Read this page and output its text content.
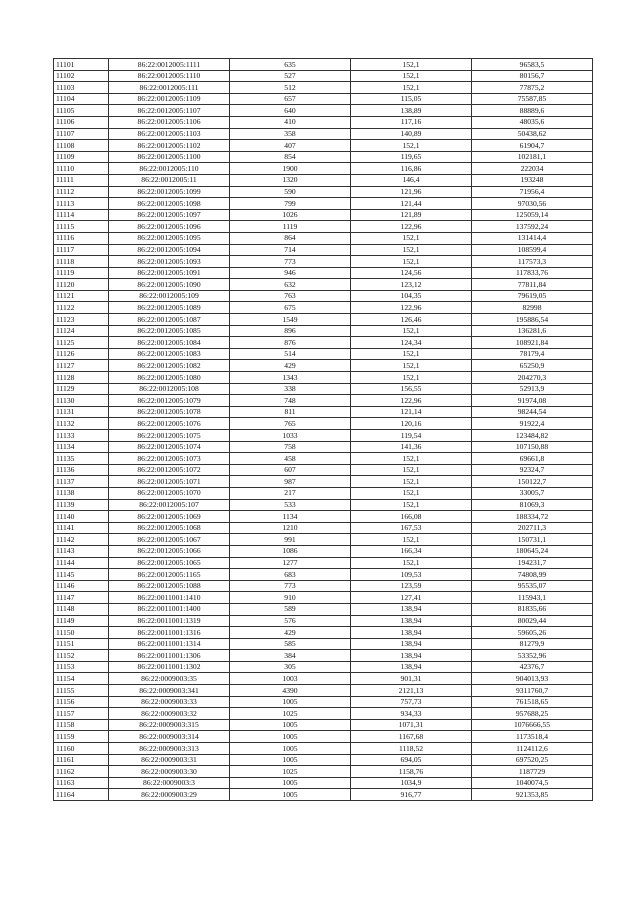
11101	86:22:0012005:1111	635	152,1	96583,5
11102	86:22:0012005:1110	527	152,1	80156,7
11103	86:22:0012005:111	512	152,1	77875,2
11104	86:22:0012005:1109	657	115,05	75587,85
11105	86:22:0012005:1107	640	138,89	88889,6
11106	86:22:0012005:1106	410	117,16	48035,6
11107	86:22:0012005:1103	358	140,89	50438,62
11108	86:22:0012005:1102	407	152,1	61904,7
11109	86:22:0012005:1100	854	119,65	102181,1
11110	86:22:0012005:110	1900	116,86	222034
11111	86:22:0012005:11	1320	146,4	193248
11112	86:22:0012005:1099	590	121,96	71956,4
11113	86:22:0012005:1098	799	121,44	97030,56
11114	86:22:0012005:1097	1026	121,89	125059,14
11115	86:22:0012005:1096	1119	122,96	137592,24
11116	86:22:0012005:1095	864	152,1	131414,4
11117	86:22:0012005:1094	714	152,1	108599,4
11118	86:22:0012005:1093	773	152,1	117573,3
11119	86:22:0012005:1091	946	124,56	117833,76
11120	86:22:0012005:1090	632	123,12	77811,84
11121	86:22:0012005:109	763	104,35	79619,05
11122	86:22:0012005:1089	675	122,96	82998
11123	86:22:0012005:1087	1549	126,46	195886,54
11124	86:22:0012005:1085	896	152,1	136281,6
11125	86:22:0012005:1084	876	124,34	108921,84
11126	86:22:0012005:1083	514	152,1	78179,4
11127	86:22:0012005:1082	429	152,1	65250,9
11128	86:22:0012005:1080	1343	152,1	204270,3
11129	86:22:0012005:108	338	156,55	52913,9
11130	86:22:0012005:1079	748	122,96	91974,08
11131	86:22:0012005:1078	811	121,14	98244,54
11132	86:22:0012005:1076	765	120,16	91922,4
11133	86:22:0012005:1075	1033	119,54	123484,82
11134	86:22:0012005:1074	758	141,36	107150,88
11135	86:22:0012005:1073	458	152,1	69661,8
11136	86:22:0012005:1072	607	152,1	92324,7
11137	86:22:0012005:1071	987	152,1	150122,7
11138	86:22:0012005:1070	217	152,1	33005,7
11139	86:22:0012005:107	533	152,1	81069,3
11140	86:22:0012005:1069	1134	166,08	188334,72
11141	86:22:0012005:1068	1210	167,53	202711,3
11142	86:22:0012005:1067	991	152,1	150731,1
11143	86:22:0012005:1066	1086	166,34	180645,24
11144	86:22:0012005:1065	1277	152,1	194231,7
11145	86:22:0012005:1165	683	109,53	74808,99
11146	86:22:0012005:1088	773	123,59	95535,07
11147	86:22:0011001:1410	910	127,41	115943,1
11148	86:22:0011001:1400	589	138,94	81835,66
11149	86:22:0011001:1319	576	138,94	80029,44
11150	86:22:0011001:1316	429	138,94	59605,26
11151	86:22:0011001:1314	585	138,94	81279,9
11152	86:22:0011001:1306	384	138,94	53352,96
11153	86:22:0011001:1302	305	138,94	42376,7
11154	86:22:0009003:35	1003	901,31	904013,93
11155	86:22:0009003:341	4390	2121,13	9311760,7
11156	86:22:0009003:33	1005	757,73	761518,65
11157	86:22:0009003:32	1025	934,33	957688,25
11158	86:22:0009003:315	1005	1071,31	1076666,55
11159	86:22:0009003:314	1005	1167,68	1173518,4
11160	86:22:0009003:313	1005	1118,52	1124112,6
11161	86:22:0009003:31	1005	694,05	697520,25
11162	86:22:0009003:30	1025	1158,76	1187729
11163	86:22:0009003:3	1005	1034,9	1040074,5
11164	86:22:0009003:29	1005	916,77	921353,85
